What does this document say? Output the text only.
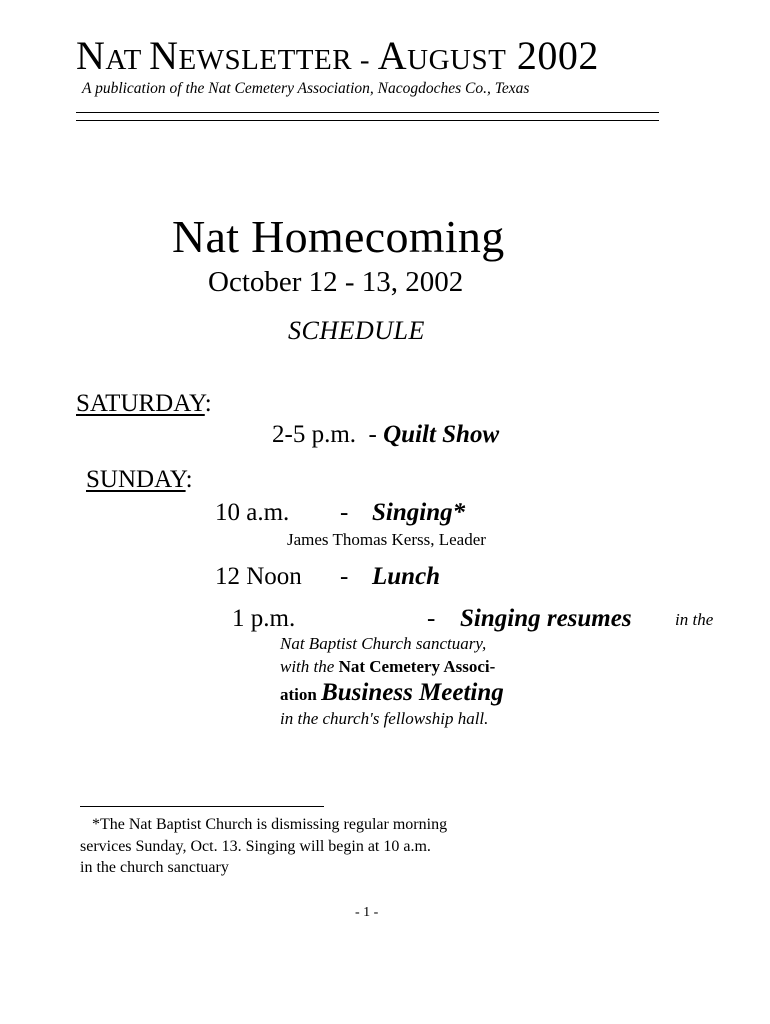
NAT NEWSLETTER - AUGUST 2002
A publication of the Nat Cemetery Association, Nacogdoches Co., Texas
Nat Homecoming
October 12 - 13, 2002
SCHEDULE
SATURDAY:
2-5 p.m.  - Quilt Show
SUNDAY:
10 a.m. - Singing*
James Thomas Kerss, Leader
12 Noon - Lunch
1 p.m.	- Singing resumes	in the
Nat Baptist Church sanctuary,
with the Nat Cemetery Associ-
ation Business Meeting
in the church's fellowship hall.
*The Nat Baptist Church is dismissing regular morning
services Sunday, Oct. 13. Singing will begin at 10 a.m.
in the church sanctuary
- 1 -
